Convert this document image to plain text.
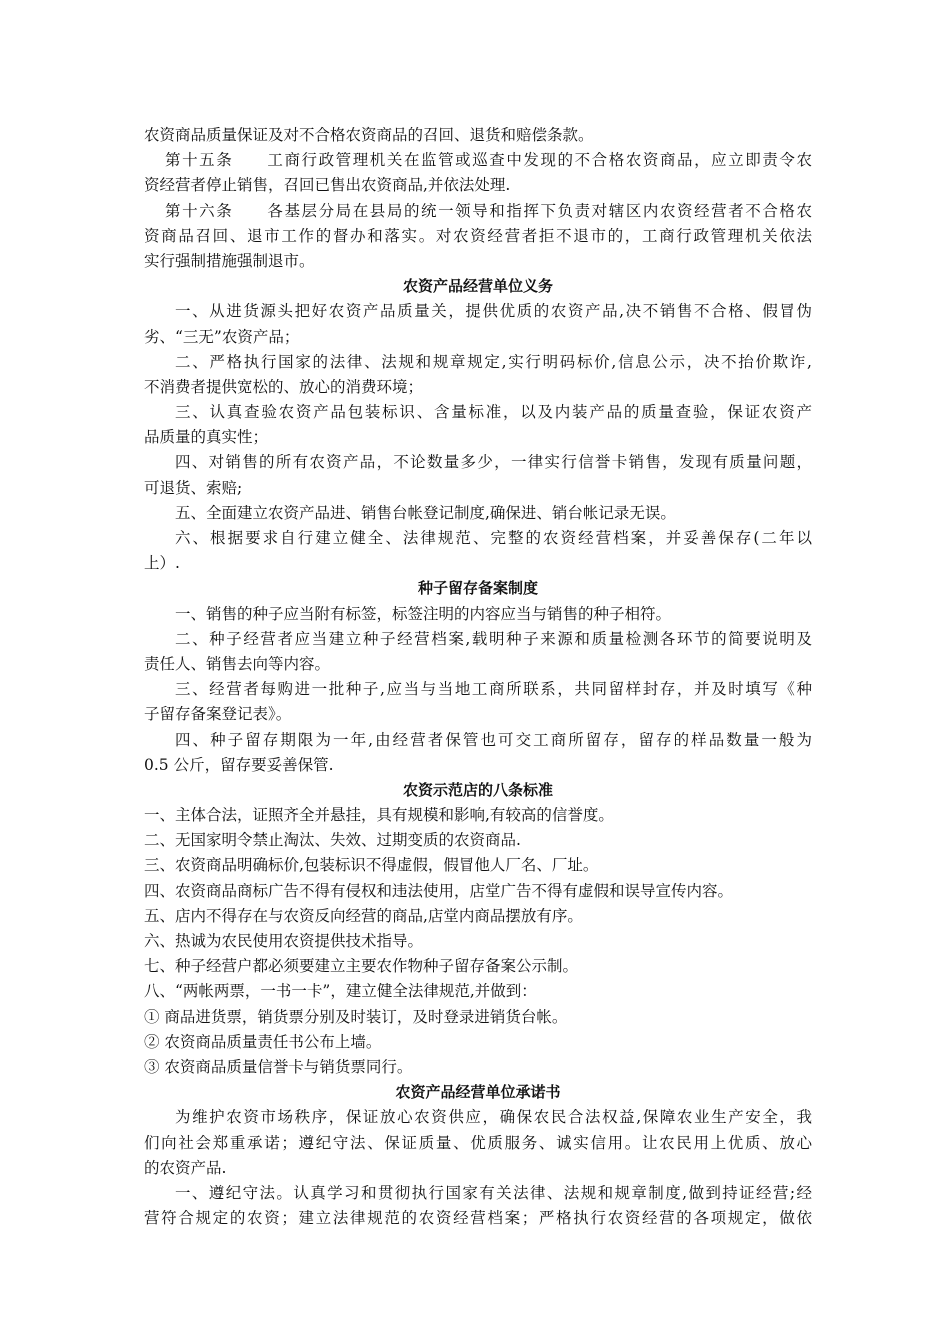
农资商品质量保证及对不合格农资商品的召回、退货和赔偿条款。
第十五条　　工商行政管理机关在监管或巡查中发现的不合格农资商品，应立即责令农
资经营者停止销售，召回已售出农资商品,并依法处理.
第十六条　　各基层分局在县局的统一领导和指挥下负责对辖区内农资经营者不合格农
资商品召回、退市工作的督办和落实。对农资经营者拒不退市的，工商行政管理机关依法
实行强制措施强制退市。
农资产品经营单位义务
一、从进货源头把好农资产品质量关，提供优质的农资产品,决不销售不合格、假冒伪
劣、“三无”农资产品；
二、严格执行国家的法律、法规和规章规定,实行明码标价,信息公示，决不抬价欺诈,
不消费者提供宽松的、放心的消费环境；
三、认真查验农资产品包装标识、含量标准，以及内装产品的质量查验，保证农资产
品质量的真实性；
四、对销售的所有农资产品，不论数量多少，一律实行信誉卡销售，发现有质量问题，
可退货、索赔;
五、全面建立农资产品进、销售台帐登记制度,确保进、销台帐记录无误。
六、根据要求自行建立健全、法律规范、完整的农资经营档案，并妥善保存(二年以
上）.
种子留存备案制度
一、销售的种子应当附有标签，标签注明的内容应当与销售的种子相符。
二、种子经营者应当建立种子经营档案,载明种子来源和质量检测各环节的简要说明及
责任人、销售去向等内容。
三、经营者每购进一批种子,应当与当地工商所联系，共同留样封存，并及时填写《种
子留存备案登记表》。
四、种子留存期限为一年,由经营者保管也可交工商所留存，留存的样品数量一般为
0.5 公斤，留存要妥善保管.
农资示范店的八条标准
一、主体合法，证照齐全并悬挂，具有规模和影响,有较高的信誉度。
二、无国家明令禁止淘汰、失效、过期变质的农资商品.
三、农资商品明确标价,包装标识不得虚假，假冒他人厂名、厂址。
四、农资商品商标广告不得有侵权和违法使用，店堂广告不得有虚假和误导宣传内容。
五、店内不得存在与农资反向经营的商品,店堂内商品摆放有序。
六、热诚为农民使用农资提供技术指导。
七、种子经营户都必须要建立主要农作物种子留存备案公示制。
八、“两帐两票，一书一卡”，建立健全法律规范,并做到：
① 商品进货票，销货票分别及时装订，及时登录进销货台帐。
② 农资商品质量责任书公布上墙。
③ 农资商品质量信誉卡与销货票同行。
农资产品经营单位承诺书
为维护农资市场秩序，保证放心农资供应，确保农民合法权益,保障农业生产安全，我
们向社会郑重承诺；遵纪守法、保证质量、优质服务、诚实信用。让农民用上优质、放心
的农资产品.
一、遵纪守法。认真学习和贯彻执行国家有关法律、法规和规章制度,做到持证经营;经
营符合规定的农资；建立法律规范的农资经营档案；严格执行农资经营的各项规定，做依
